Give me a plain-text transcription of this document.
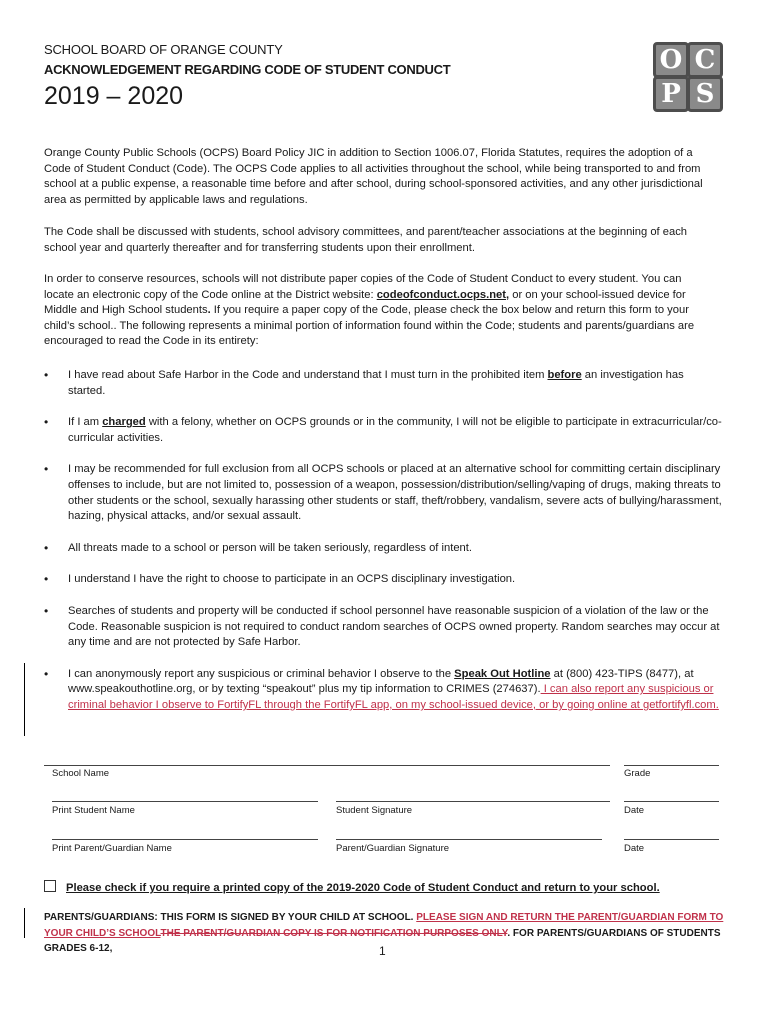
SCHOOL BOARD OF ORANGE COUNTY
ACKNOWLEDGEMENT REGARDING CODE OF STUDENT CONDUCT
2019 – 2020
O C
P S

Orange County Public Schools (OCPS) Board Policy JIC in addition to Section 1006.07, Florida Statutes, requires the adoption of a Code of Student Conduct (Code). The OCPS Code applies to all activities throughout the school, while being transported to and from school at a public expense, a reasonable time before and after school, during school-sponsored activities, and any other jurisdictional area as permitted by applicable laws and regulations.

The Code shall be discussed with students, school advisory committees, and parent/teacher associations at the beginning of each school year and quarterly thereafter and for transferring students upon their enrollment.

In order to conserve resources, schools will not distribute paper copies of the Code of Student Conduct to every student. You can locate an electronic copy of the Code online at the District website: codeofconduct.ocps.net, or on your school-issued device for Middle and High School students. If you require a paper copy of the Code, please check the box below and return this form to your child’s school.. The following represents a minimal portion of information found within the Code; students and parents/guardians are encouraged to read the Code in its entirety:

• I have read about Safe Harbor in the Code and understand that I must turn in the prohibited item before an investigation has started.
• If I am charged with a felony, whether on OCPS grounds or in the community, I will not be eligible to participate in extracurricular/co-curricular activities.
• I may be recommended for full exclusion from all OCPS schools or placed at an alternative school for committing certain disciplinary offenses to include, but are not limited to, possession of a weapon, possession/distribution/selling/vaping of drugs, making threats to other students or the school, sexually harassing other students or staff, theft/robbery, vandalism, severe acts of bullying/harassment, hazing, physical attacks, and/or sexual assault.
• All threats made to a school or person will be taken seriously, regardless of intent.
• I understand I have the right to choose to participate in an OCPS disciplinary investigation.
• Searches of students and property will be conducted if school personnel have reasonable suspicion of a violation of the law or the Code. Reasonable suspicion is not required to conduct random searches of OCPS owned property. Random searches may occur at any time and are not protected by Safe Harbor.
• I can anonymously report any suspicious or criminal behavior I observe to the Speak Out Hotline at (800) 423-TIPS (8477), at www.speakouthotline.org, or by texting “speakout” plus my tip information to CRIMES (274637). I can also report any suspicious or criminal behavior I observe to FortifyFL through the FortifyFL app, on my school-issued device, or by going online at getfortifyfl.com.
School Name	Grade
Print Student Name	Student Signature	Date
Print Parent/Guardian Name	Parent/Guardian Signature	Date
Please check if you require a printed copy of the 2019-2020 Code of Student Conduct and return to your school.
PARENTS/GUARDIANS: THIS FORM IS SIGNED BY YOUR CHILD AT SCHOOL. PLEASE SIGN AND RETURN THE PARENT/GUARDIAN FORM TO YOUR CHILD’S SCHOOLTHE PARENT/GUARDIAN COPY IS FOR NOTIFICATION PURPOSES ONLY. FOR PARENTS/GUARDIANS OF STUDENTS GRADES 6-12,	1
